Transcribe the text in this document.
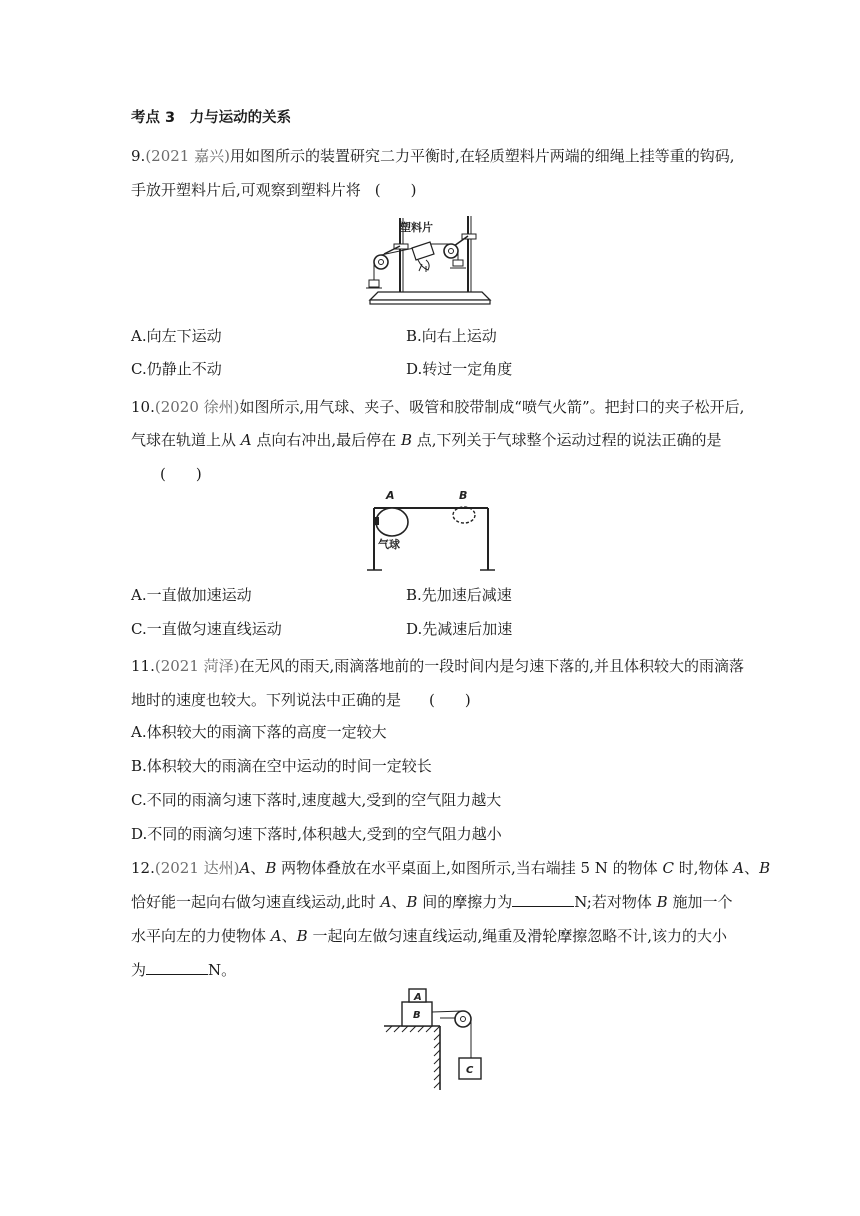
考点 3　力与运动的关系
9.(2021 嘉兴)用如图所示的装置研究二力平衡时,在轻质塑料片两端的细绳上挂等重的钩码,
手放开塑料片后,可观察到塑料片将 (　　)
塑料片
A.向左下运动	B.向右上运动
C.仍静止不动	D.转过一定角度
10.(2020 徐州)如图所示,用气球、夹子、吸管和胶带制成“喷气火箭”。把封口的夹子松开后,
气球在轨道上从 A 点向右冲出,最后停在 B 点,下列关于气球整个运动过程的说法正确的是
(　　)
A	B
气球
A.一直做加速运动	B.先加速后减速
C.一直做匀速直线运动	D.先减速后加速
11.(2021 菏泽)在无风的雨天,雨滴落地前的一段时间内是匀速下落的,并且体积较大的雨滴落
地时的速度也较大。下列说法中正确的是 (　　)
A.体积较大的雨滴下落的高度一定较大
B.体积较大的雨滴在空中运动的时间一定较长
C.不同的雨滴匀速下落时,速度越大,受到的空气阻力越大
D.不同的雨滴匀速下落时,体积越大,受到的空气阻力越小
12.(2021 达州)A、B 两物体叠放在水平桌面上,如图所示,当右端挂 5 N 的物体 C 时,物体 A、B
恰好能一起向右做匀速直线运动,此时 A、B 间的摩擦力为	N;若对物体 B 施加一个
水平向左的力使物体 A、B 一起向左做匀速直线运动,绳重及滑轮摩擦忽略不计,该力的大小
为	N。
A
B
C
